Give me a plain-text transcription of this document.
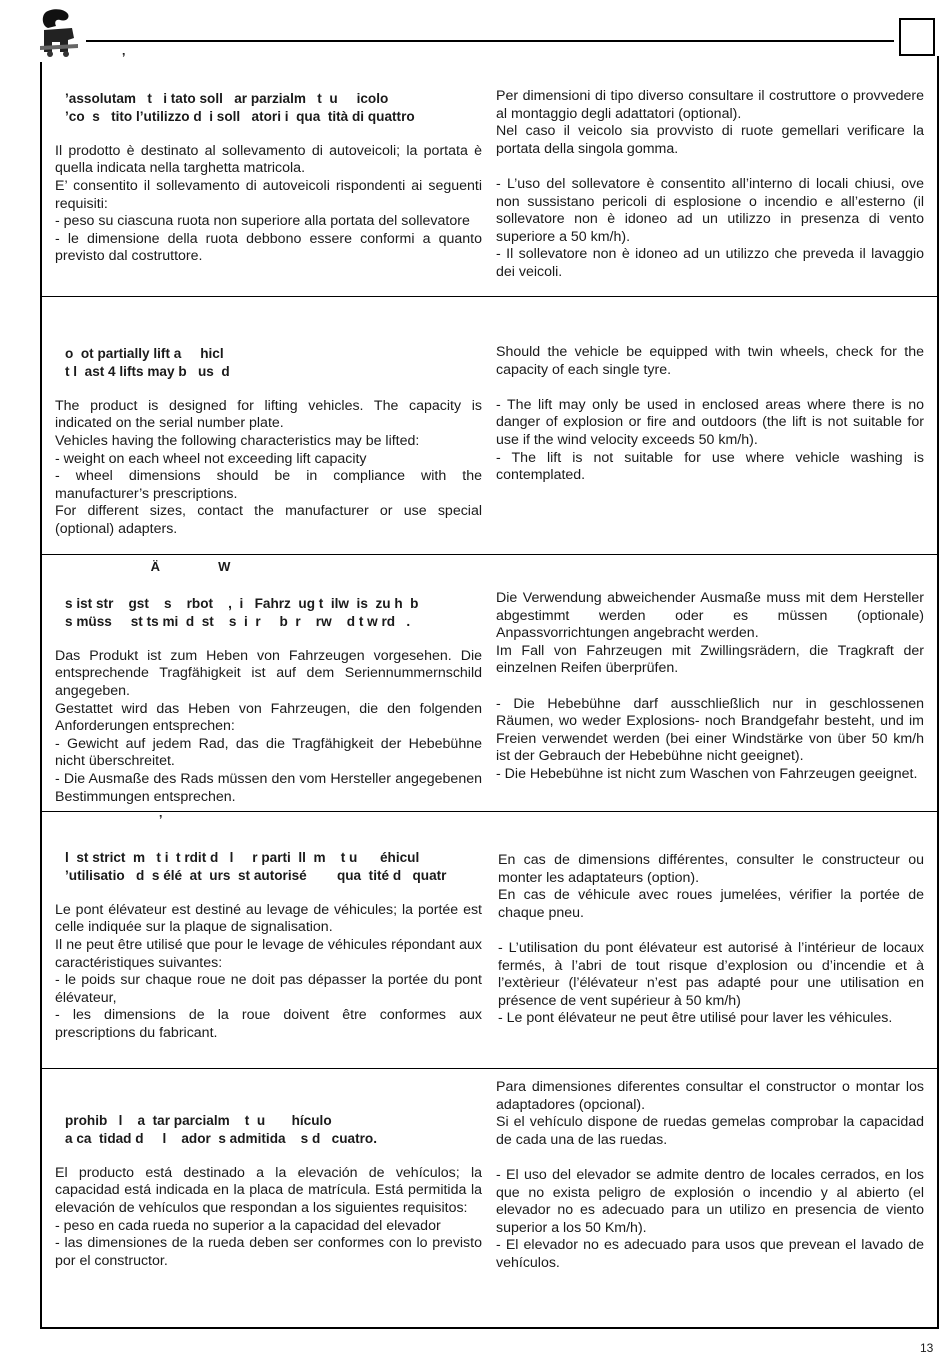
13
’
’assolutam   t   i tato soll   ar parzialm   t  u     icolo
’co  s   tito l’utilizzo d  i soll   atori i  qua  tità di quattro

Il prodotto è destinato al sollevamento di autoveicoli; la portata è quella indicata nella targhetta matricola.

E’ consentito il sollevamento di autoveicoli rispondenti ai seguenti requisiti:

- peso su ciascuna ruota non superiore alla portata del sollevatore

- le dimensione della ruota debbono essere conformi a quanto previsto dal costruttore.

Per dimensioni di tipo diverso consultare il costruttore o provvedere al montaggio degli adattatori (optional).

Nel caso il veicolo sia provvisto di ruote gemellari verificare la portata della singola gomma.

- L’uso del sollevatore è consentito all’interno di locali chiusi, ove non sussistano pericoli di esplosione o incendio e all’esterno (il sollevatore non è idoneo ad un utilizzo in presenza di vento superiore a 50 km/h).

- Il sollevatore non è idoneo ad un utilizzo che preveda il lavaggio dei veicoli.

o  ot partially lift a     hicl
t l  ast 4 lifts may b   us  d

The product is designed for lifting vehicles. The capacity is indicated on the serial number plate.

Vehicles having the following characteristics may be lifted:

- weight on each wheel not exceeding lift capacity

- wheel dimensions should be in compliance with the manufacturer’s prescriptions.

For different sizes, contact the manufacturer or use special (optional) adapters.

Should the vehicle be equipped with twin wheels, check for the capacity of each single tyre.

- The lift may only be used in enclosed areas where there is no danger of explosion or fire and outdoors (the lift is not suitable for use if the wind velocity exceeds 50 km/h).

- The lift is not suitable for use where vehicle washing is contemplated.

Ä              W
s ist str    gst    s    rbot    ,  i   Fahrz  ug t  ilw  is  zu h  b
s müss     st ts mi  d  st    s  i  r     b  r    rw    d t w rd   .

Das Produkt ist zum Heben von Fahrzeugen vorgesehen. Die entsprechende Tragfähigkeit ist auf dem Seriennummernschild angegeben.

Gestattet wird das Heben von Fahrzeugen, die den folgenden Anforderungen entsprechen:

- Gewicht auf jedem Rad, das die Tragfähigkeit der Hebebühne nicht überschreitet.

- Die Ausmaße des Rads müssen den vom Hersteller angegebenen Bestimmungen entsprechen.

Die Verwendung abweichender Ausmaße muss mit dem Hersteller abgestimmt werden oder es müssen (optionale) Anpassvorrichtungen angebracht werden.

Im Fall von Fahrzeugen mit Zwillingsrädern, die Tragkraft der einzelnen Reifen überprüfen.

- Die Hebebühne darf ausschließlich nur in geschlossenen Räumen, wo weder Explosions- noch Brandgefahr besteht, und im Freien verwendet werden (bei einer Windstärke von über 50 km/h ist der Gebrauch der Hebebühne nicht geeignet).

- Die Hebebühne ist nicht zum Waschen von Fahrzeugen geeignet.

’
l  st strict  m   t i  t rdit d   l     r parti  ll  m    t u      éhicul
’utilisatio   d  s élé  at  urs  st autorisé        qua  tité d   quatr

Le pont élévateur est destiné au levage de véhicules; la portée est celle indiquée sur la plaque de signalisation.

Il ne peut être utilisé que pour le levage de véhicules répondant aux caractéristiques suivantes:

- le poids sur chaque roue ne doit pas dépasser la portée du pont élévateur,

- les dimensions de la roue doivent être conformes aux prescriptions du fabricant.

En cas de dimensions différentes, consulter le constructeur ou monter les adaptateurs (option).

En cas de véhicule avec roues jumelées, vérifier la portée de chaque pneu.

- L’utilisation du pont élévateur est autorisé à l’intérieur de locaux fermés, à l’abri de tout risque d’explosion ou d’incendie et à l’extèrieur (l’élévateur n’est pas adapté pour une utilisation en présence de vent supérieur à 50 km/h)

- Le pont élévateur ne peut être utilisé pour laver les véhicules.

prohib   l    a  tar parcialm    t  u       hículo
a ca  tidad d     l    ador  s admitida    s d   cuatro.

El producto está destinado a la elevación de vehículos; la capacidad está indicada en la placa de matrícula. Está permitida la elevación de vehículos que respondan a los siguientes requisitos:

- peso en cada rueda no superior a la capacidad del elevador

- las dimensiones de la rueda deben ser conformes con lo previsto por el constructor.

Para dimensiones diferentes consultar el constructor o montar los adaptadores (opcional).

Si el vehículo dispone de ruedas gemelas comprobar la capacidad de cada una de las ruedas.

- El uso del elevador se admite dentro de locales cerrados, en los que no exista peligro de explosión o incendio y al abierto (el elevador no es adecuado para un utilizo en presencia de viento superior a los 50 Km/h).

- El elevador no es adecuado para usos que prevean el lavado de vehículos.
